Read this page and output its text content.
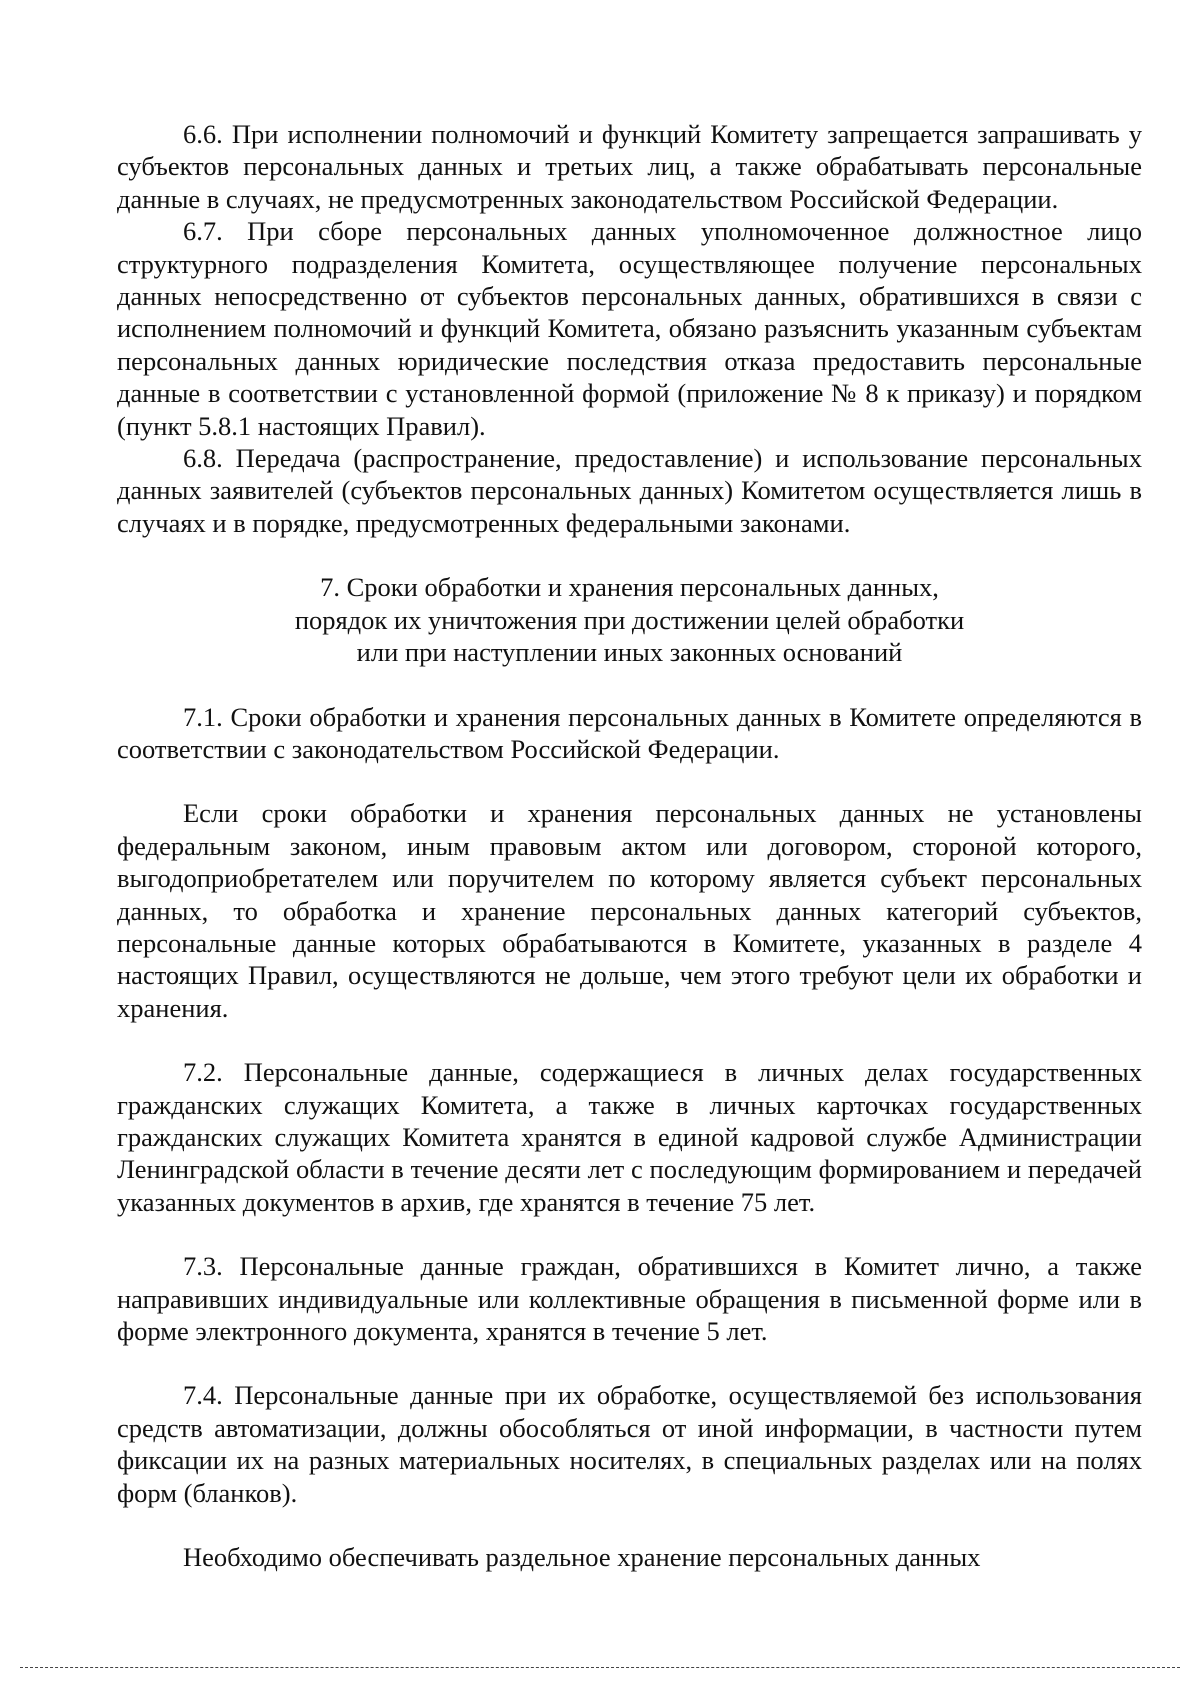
6.6. При исполнении полномочий и функций Комитету запрещается запрашивать у субъектов персональных данных и третьих лиц, а также обрабатывать персональные данные в случаях, не предусмотренных законодательством Российской Федерации.

6.7. При сборе персональных данных уполномоченное должностное лицо структурного подразделения Комитета, осуществляющее получение персональных данных непосредственно от субъектов персональных данных, обратившихся в связи с исполнением полномочий и функций Комитета, обязано разъяснить указанным субъектам персональных данных юридические последствия отказа предоставить персональные данные в соответствии с установленной формой (приложение № 8 к приказу) и порядком (пункт 5.8.1 настоящих Правил).

6.8. Передача (распространение, предоставление) и использование персональных данных заявителей (субъектов персональных данных) Комитетом осуществляется лишь в случаях и в порядке, предусмотренных федеральными законами.

7. Сроки обработки и хранения персональных данных,
порядок их уничтожения при достижении целей обработки
или при наступлении иных законных оснований

7.1. Сроки обработки и хранения персональных данных в Комитете определяются в соответствии с законодательством Российской Федерации.

Если сроки обработки и хранения персональных данных не установлены федеральным законом, иным правовым актом или договором, стороной которого, выгодоприобретателем или поручителем по которому является субъект персональных данных, то обработка и хранение персональных данных категорий субъектов, персональные данные которых обрабатываются в Комитете, указанных в разделе 4 настоящих Правил, осуществляются не дольше, чем этого требуют цели их обработки и хранения.

7.2. Персональные данные, содержащиеся в личных делах государственных гражданских служащих Комитета, а также в личных карточках государственных гражданских служащих Комитета хранятся в единой кадровой службе Администрации Ленинградской области в течение десяти лет с последующим формированием и передачей указанных документов в архив, где хранятся в течение 75 лет.

7.3. Персональные данные граждан, обратившихся в Комитет лично, а также направивших индивидуальные или коллективные обращения в письменной форме или в форме электронного документа, хранятся в течение 5 лет.

7.4. Персональные данные при их обработке, осуществляемой без использования средств автоматизации, должны обособляться от иной информации, в частности путем фиксации их на разных материальных носителях, в специальных разделах или на полях форм (бланков).

Необходимо обеспечивать раздельное хранение персональных данных
